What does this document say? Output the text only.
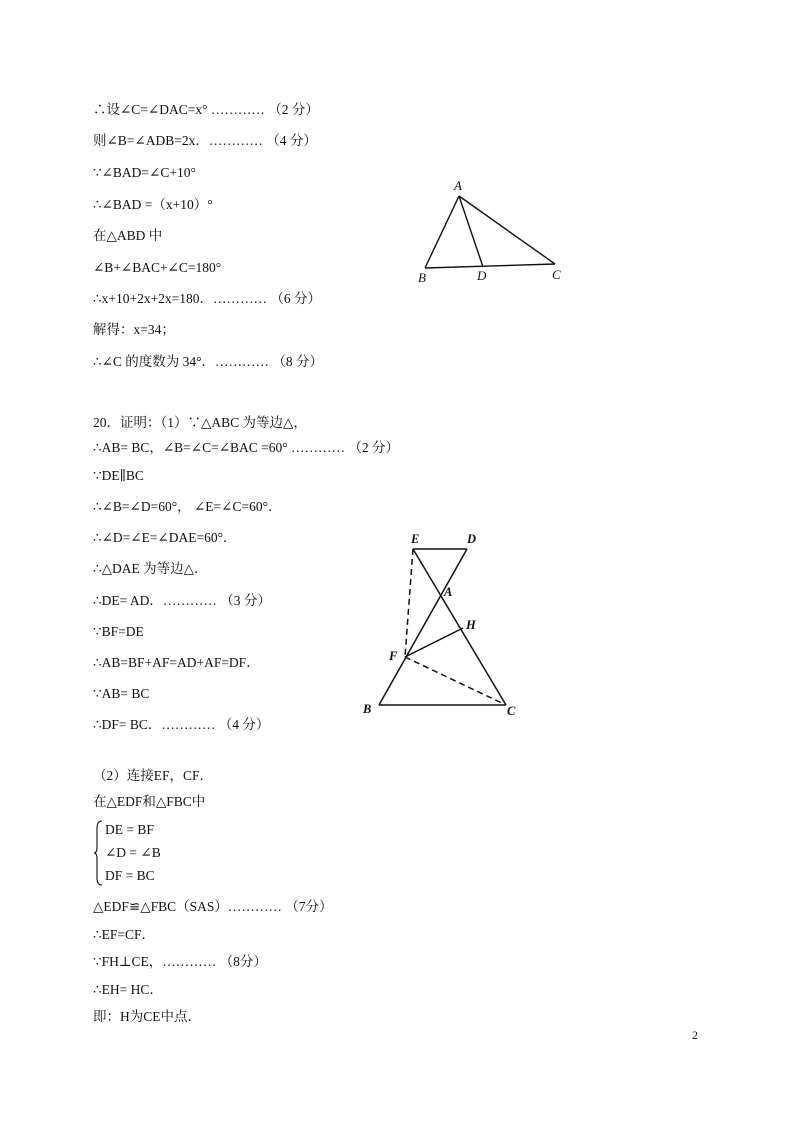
∴设∠C=∠DAC=x° ………… （2 分）
则∠B=∠ADB=2x．………… （4 分）
∵∠BAD=∠C+10°
∴∠BAD =（x+10）°
在△ABD 中
∠B+∠BAC+∠C=180°
∴x+10+2x+2x=180．………… （6 分）
解得：x=34；
∴∠C 的度数为 34°．………… （8 分）
A
B	D	C
20．证明：（1）∵△ABC 为等边△，
∴AB= BC，∠B=∠C=∠BAC =60° ………… （2 分）
∵DE∥BC
∴∠B=∠D=60°， ∠E=∠C=60°．
∴∠D=∠E=∠DAE=60°．
∴△DAE 为等边△．
∴DE= AD．………… （3 分）
∵BF=DE
∴AB=BF+AF=AD+AF=DF．
∵AB= BC
∴DF= BC．………… （4 分）
E	D
A
H
F
B	C
（2）连接EF，CF．
在△EDF和△FBC中
DE = BF
∠D = ∠B
DF = BC
△EDF≌△FBC（SAS）………… （7分）
∴EF=CF．
∵FH⊥CE，………… （8分）
∴EH= HC．
即：H为CE中点．
2
